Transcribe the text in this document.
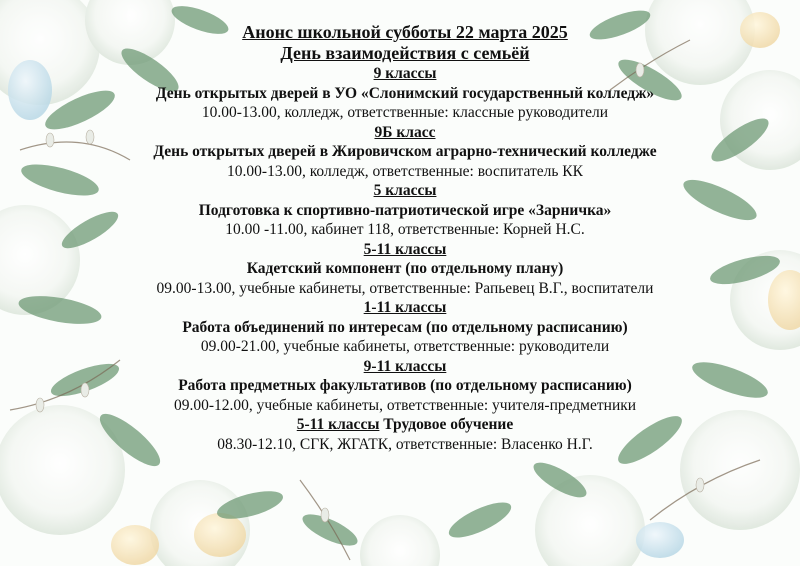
Анонс школьной субботы 22 марта 2025
День взаимодействия с семьёй
9 классы
День открытых дверей в УО «Слонимский государственный колледж»
10.00-13.00, колледж, ответственные: классные руководители
9Б класс
День открытых дверей в Жировичском аграрно-технический колледже
10.00-13.00, колледж, ответственные: воспитатель КК
5 классы
Подготовка к спортивно-патриотической игре «Зарничка»
10.00 -11.00, кабинет 118, ответственные: Корней Н.С.
5-11 классы
Кадетский компонент (по отдельному плану)
09.00-13.00, учебные кабинеты, ответственные: Рапьевец В.Г., воспитатели
1-11 классы
Работа объединений по интересам (по отдельному расписанию)
09.00-21.00, учебные кабинеты, ответственные: руководители
9-11 классы
Работа предметных факультативов (по отдельному расписанию)
09.00-12.00, учебные кабинеты, ответственные: учителя-предметники
5-11 классы Трудовое обучение
08.30-12.10, СГК, ЖГАТК, ответственные: Власенко Н.Г.
